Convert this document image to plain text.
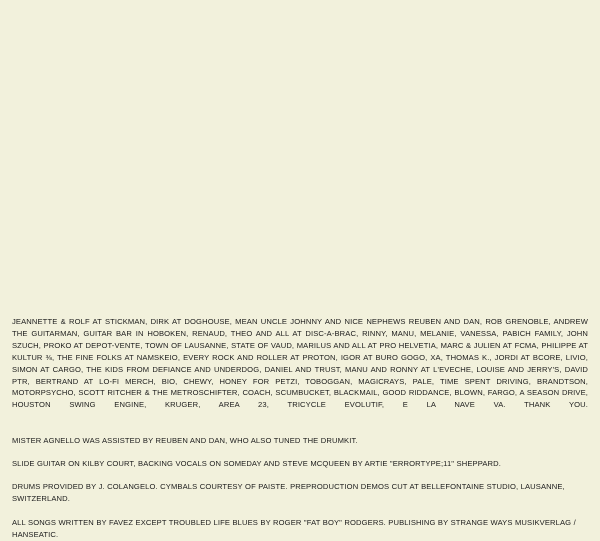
JEANNETTE & ROLF AT STICKMAN, DIRK AT DOGHOUSE, MEAN UNCLE JOHNNY AND NICE NEPHEWS REUBEN AND DAN, ROB GRENOBLE, ANDREW THE GUITARMAN, GUITAR BAR IN HOBOKEN, RENAUD, THEO AND ALL AT DISC-A-BRAC, RINNY, MANU, MELANIE, VANESSA, PABICH FAMILY, JOHN SZUCH, PROKO AT DEPOT-VENTE, TOWN OF LAUSANNE, STATE OF VAUD, MARILUS AND ALL AT PRO HELVETIA, MARC & JULIEN AT FCMA, PHILIPPE AT KULTUR ⅜, THE FINE FOLKS AT NAMSKEIO, EVERY ROCK AND ROLLER AT PROTON, IGOR AT BURO GOGO, XA, THOMAS K., JORDI AT BCORE, LIVIO, SIMON AT CARGO, THE KIDS FROM DEFIANCE AND UNDERDOG, DANIEL AND TRUST, MANU AND RONNY AT L'EVECHE, LOUISE AND JERRY'S, DAVID PTR, BERTRAND AT LO-FI MERCH, BIO, CHEWY, HONEY FOR PETZI, TOBOGGAN, MAGICRAYS, PALE, TIME SPENT DRIVING, BRANDTSON, MOTORPSYCHO, SCOTT RITCHER & THE METROSCHIFTER, COACH, SCUMBUCKET, BLACKMAIL, GOOD RIDDANCE, BLOWN, FARGO, A SEASON DRIVE, HOUSTON SWING ENGINE, KRUGER, AREA 23, TRICYCLE EVOLUTIF, E LA NAVE VA. THANK YOU.

MISTER AGNELLO WAS ASSISTED BY REUBEN AND DAN, WHO ALSO TUNED THE DRUMKIT.

SLIDE GUITAR ON KILBY COURT, BACKING VOCALS ON SOMEDAY AND STEVE MCQUEEN BY ARTIE "ERRORTYPE;11" SHEPPARD.

DRUMS PROVIDED BY J. COLANGELO. CYMBALS COURTESY OF PAISTE. PREPRODUCTION DEMOS CUT AT BELLEFONTAINE STUDIO, LAUSANNE, SWITZERLAND.

ALL SONGS WRITTEN BY FAVEZ EXCEPT TROUBLED LIFE BLUES BY ROGER "FAT BOY" RODGERS. PUBLISHING BY STRANGE WAYS MUSIKVERLAG / HANSEATIC.
